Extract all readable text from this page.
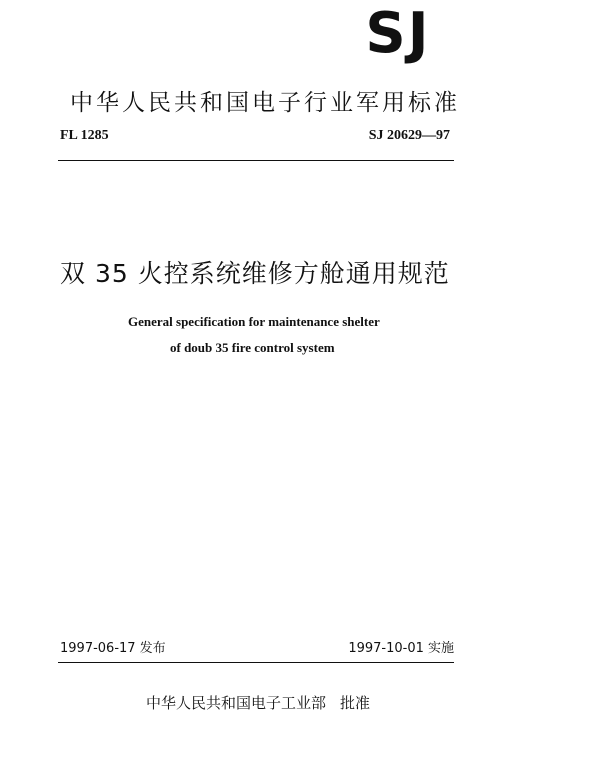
SJ
中华人民共和国电子行业军用标准
FL 1285	SJ 20629—97
双 35 火控系统维修方舱通用规范
General specification for maintenance shelter
of doub 35 fire control system
1997-06-17 发布	1997-10-01 实施
中华人民共和国电子工业部 批准
